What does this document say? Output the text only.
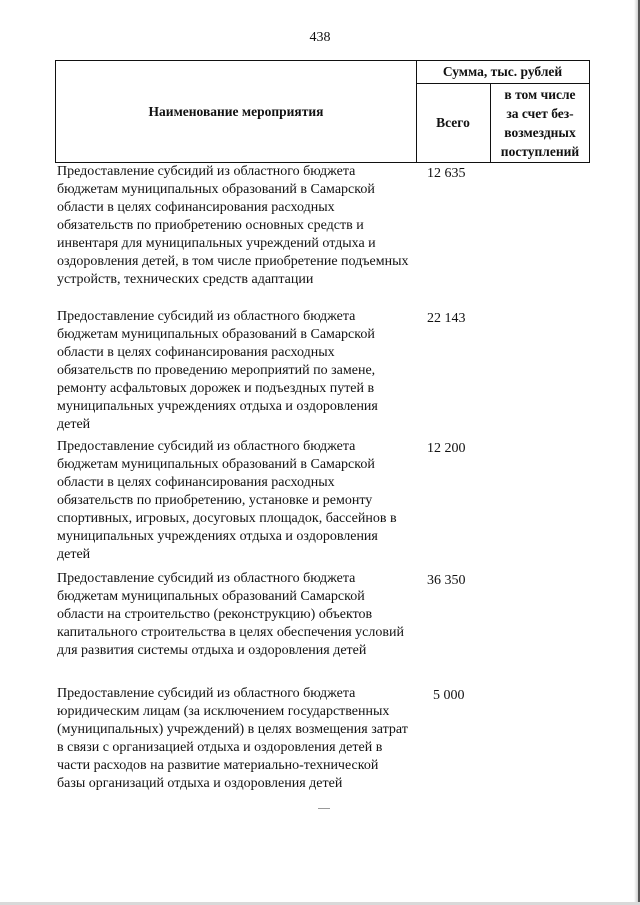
438
Наименование мероприятия
Сумма, тыс. рублей
Всего
в том числе
за счет без-
возмездных
поступлений
Предоставление субсидий из областного бюджета бюджетам муниципальных образований в Самарской области в целях софинансирования расходных обязательств по приобретению основных средств и инвентаря для муниципальных учреждений отдыха и оздоровления детей, в том числе приобретение подъемных устройств, технических средств адаптации
12 635
Предоставление субсидий из областного бюджета бюджетам муниципальных образований в Самарской области в целях софинансирования расходных обязательств по проведению мероприятий по замене, ремонту асфальтовых дорожек и подъездных путей в муниципальных учреждениях отдыха и оздоровления детей
22 143
Предоставление субсидий из областного бюджета бюджетам муниципальных образований в Самарской области в целях софинансирования расходных обязательств по приобретению, установке и ремонту спортивных, игровых, досуговых площадок, бассейнов в муниципальных учреждениях отдыха и оздоровления детей
12 200
Предоставление субсидий из областного бюджета бюджетам муниципальных образований Самарской области на строительство (реконструкцию) объектов капитального строительства в целях обеспечения условий для развития системы отдыха и оздоровления детей
36 350
Предоставление субсидий из областного бюджета юридическим лицам (за исключением государственных (муниципальных) учреждений) в целях возмещения затрат в связи с организацией отдыха и оздоровления детей в части расходов на развитие материально-технической базы организаций отдыха и оздоровления детей
5 000
